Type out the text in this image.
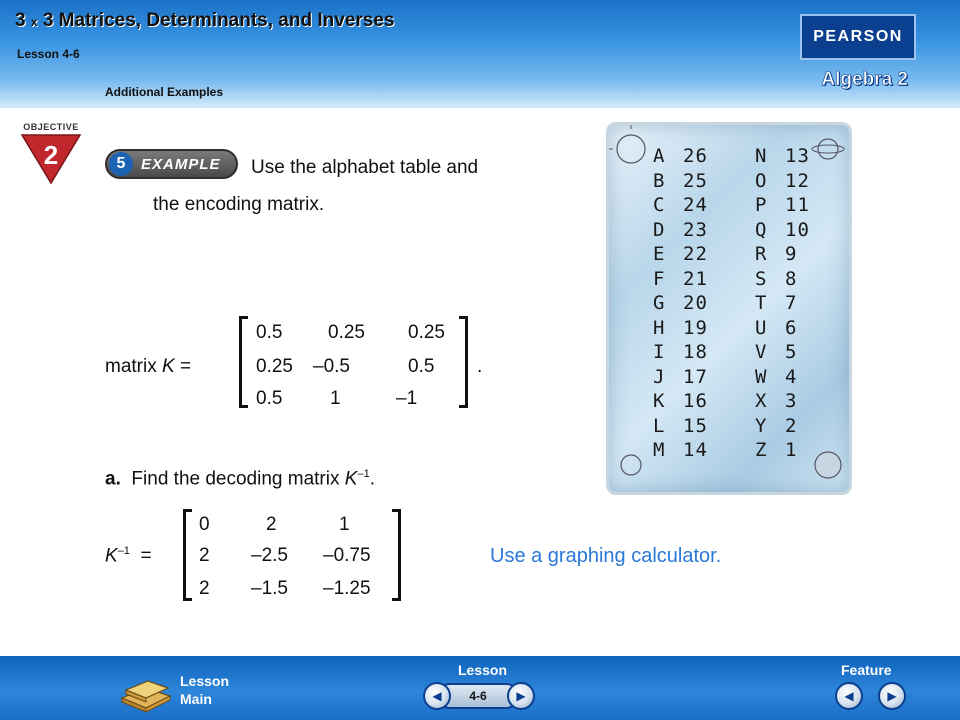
3 x 3 Matrices, Determinants, and Inverses
Lesson 4-6
Additional Examples
PEARSON
Algebra 2
OBJECTIVE
2	5	EXAMPLE Use the alphabet table and
the encoding matrix.
matrix K =
0.5 0.25 0.25
0.25 –0.5	0.5
0.5	1	–1
.
a. Find the decoding matrix $K^{-1}$.
$K^{-1}$ =
0	2	1
2 –2.5 –0.75
2 –1.5 –1.25
Use a graphing calculator.
A 26
B 25
C 24
D 23
E 22
F 21
G 20
H 19
I 18
J 17
K 16
L 15
M 14
N 13
O 12
P 11
Q 10
R 9
S 8
T 7
U 6
V 5
W 4
X 3
Y 2
Z 1
Lesson
Main
Lesson
4-6
◀	▶
Feature
◀	▶
